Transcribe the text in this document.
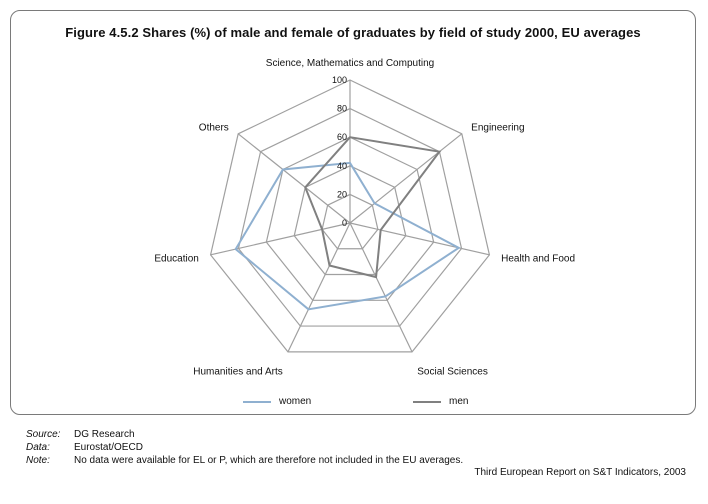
Figure 4.5.2 Shares (%) of male and female of graduates by field of study 2000, EU averages
0
20
40
60
80
100
Science, Mathematics and Computing
Engineering
Health and Food
Social Sciences
Humanities and Arts
Education
Others
women	men
Source:	DG Research
Data:	Eurostat/OECD
Note:	No data were available for EL or P, which are therefore not included in the EU averages.
Third European Report on S&T Indicators, 2003
